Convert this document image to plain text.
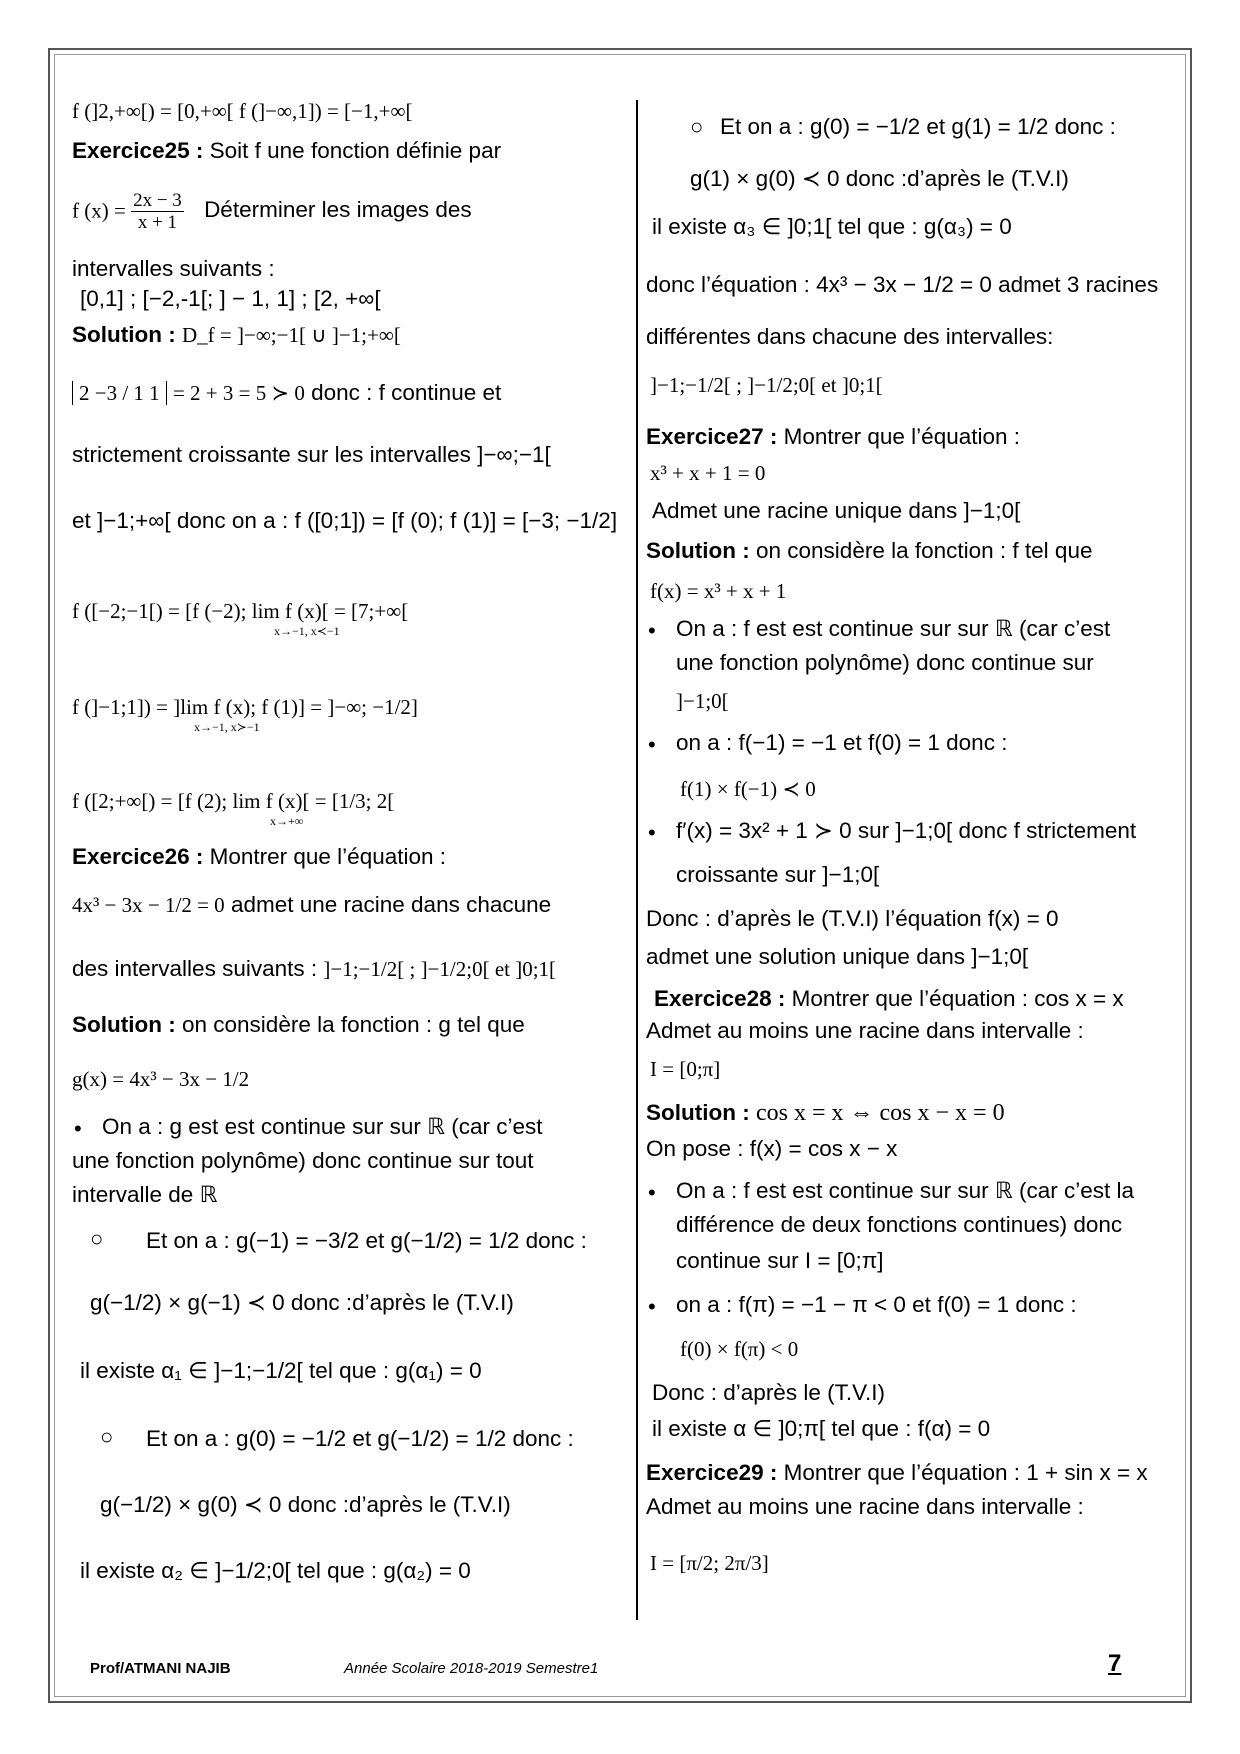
f (]2,+∞[) = [0,+∞[ f (]−∞,1]) = [−1,+∞[
Exercice25 : Soit f une fonction définie par
f $(x) = \frac{2x - 3}{x + 1}$ Déterminer les images des
intervalles suivants :
[0,1] ; [−2,-1[; ] − 1, 1] ; [2, +∞[
Solution : D_f = ]−∞;−1[ ∪ ]−1;+∞[
2 −3 / 1 1 = 2 + 3 = 5 ≻ 0 donc : f continue et
strictement croissante sur les intervalles ]−∞;−1[
et ]−1;+∞[ donc on a : f ([0;1]) = [f (0); f (1)] = [−3; −1/2]
f ([−2;−1[) = [f (−2); lim f (x)[ = [7;+∞[
x→−1, x≺−1
f (]−1;1]) = ]lim f (x); f (1)] = ]−∞; −1/2]
x→−1, x≻−1
f ([2;+∞[) = [f (2); lim f (x)[ = [1/3; 2[
x→+∞
Exercice26 : Montrer que l’équation :
4x³ − 3x − 1/2 = 0 admet une racine dans chacune
des intervalles suivants : ]−1;−1/2[ ; ]−1/2;0[ et ]0;1[
Solution : on considère la fonction : g tel que
g(x) = 4x³ − 3x − 1/2
• On a : g est est continue sur sur ℝ (car c’est
une fonction polynôme) donc continue sur tout
intervalle de ℝ
○ Et on a : g(−1) = −3/2 et g(−1/2) = 1/2 donc :
g(−1/2) × g(−1) ≺ 0 donc :d’après le (T.V.I)
il existe α₁ ∈ ]−1;−1/2[ tel que : g(α₁) = 0
○ Et on a : g(0) = −1/2 et g(−1/2) = 1/2 donc :
g(−1/2) × g(0) ≺ 0 donc :d’après le (T.V.I)
il existe α₂ ∈ ]−1/2;0[ tel que : g(α₂) = 0
○ Et on a : g(0) = −1/2 et g(1) = 1/2 donc :
g(1) × g(0) ≺ 0 donc :d’après le (T.V.I)
il existe α₃ ∈ ]0;1[ tel que : g(α₃) = 0
donc l’équation : 4x³ − 3x − 1/2 = 0 admet 3 racines
différentes dans chacune des intervalles:
]−1;−1/2[ ; ]−1/2;0[ et ]0;1[
Exercice27 : Montrer que l’équation :
x³ + x + 1 = 0
Admet une racine unique dans ]−1;0[
Solution : on considère la fonction : f tel que
f(x) = x³ + x + 1
• On a : f est est continue sur sur ℝ (car c’est
une fonction polynôme) donc continue sur
]−1;0[
• on a : f(−1) = −1 et f(0) = 1 donc :
f(1) × f(−1) ≺ 0
• f′(x) = 3x² + 1 ≻ 0 sur ]−1;0[ donc f strictement
croissante sur ]−1;0[
Donc : d’après le (T.V.I) l’équation f(x) = 0
admet une solution unique dans ]−1;0[
Exercice28 : Montrer que l’équation : cos x = x
Admet au moins une racine dans intervalle :
I = [0;π]
Solution : cos x = x ⇔ cos x − x = 0
On pose : f(x) = cos x − x
• On a : f est est continue sur sur ℝ (car c’est la
différence de deux fonctions continues) donc
continue sur I = [0;π]
• on a : f(π) = −1 − π < 0 et f(0) = 1 donc :
f(0) × f(π) < 0
Donc : d’après le (T.V.I)
il existe α ∈ ]0;π[ tel que : f(α) = 0
Exercice29 : Montrer que l’équation : 1 + sin x = x
Admet au moins une racine dans intervalle :
I = [π/2; 2π/3]
Prof/ATMANI NAJIB	Année Scolaire 2018-2019 Semestre1	7
